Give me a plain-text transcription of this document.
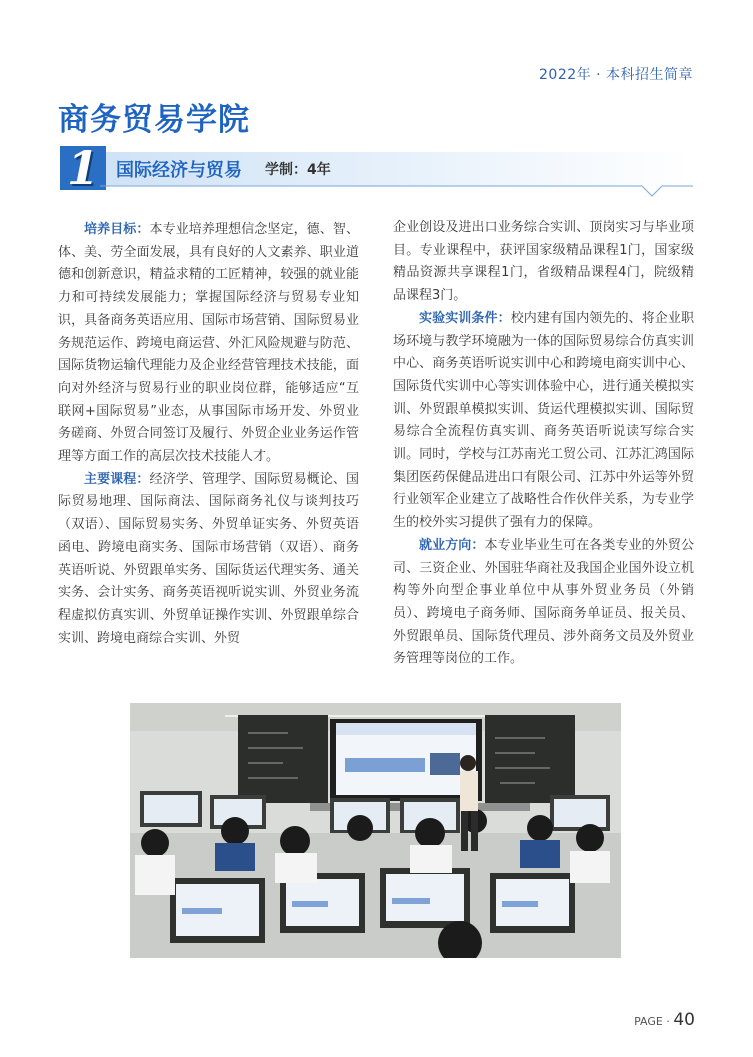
2022年 · 本科招生简章
商务贸易学院
1 国际经济与贸易 学制：4年

培养目标：本专业培养理想信念坚定，德、智、体、美、劳全面发展，具有良好的人文素养、职业道德和创新意识，精益求精的工匠精神，较强的就业能力和可持续发展能力；掌握国际经济与贸易专业知识，具备商务英语应用、国际市场营销、国际贸易业务规范运作、跨境电商运营、外汇风险规避与防范、国际货物运输代理能力及企业经营管理技术技能，面向对外经济与贸易行业的职业岗位群，能够适应“互联网+国际贸易”业态，从事国际市场开发、外贸业务磋商、外贸合同签订及履行、外贸企业业务运作管理等方面工作的高层次技术技能人才。

主要课程：经济学、管理学、国际贸易概论、国际贸易地理、国际商法、国际商务礼仪与谈判技巧（双语）、国际贸易实务、外贸单证实务、外贸英语函电、跨境电商实务、国际市场营销（双语）、商务英语听说、外贸跟单实务、国际货运代理实务、通关实务、会计实务、商务英语视听说实训、外贸业务流程虚拟仿真实训、外贸单证操作实训、外贸跟单综合实训、跨境电商综合实训、外贸

企业创设及进出口业务综合实训、顶岗实习与毕业项目。专业课程中，获评国家级精品课程1门，国家级精品资源共享课程1门，省级精品课程4门，院级精品课程3门。

实验实训条件：校内建有国内领先的、将企业职场环境与教学环境融为一体的国际贸易综合仿真实训中心、商务英语听说实训中心和跨境电商实训中心、国际货代实训中心等实训体验中心，进行通关模拟实训、外贸跟单模拟实训、货运代理模拟实训、国际贸易综合全流程仿真实训、商务英语听说读写综合实训。同时，学校与江苏南光工贸公司、江苏汇鸿国际集团医药保健品进出口有限公司、江苏中外运等外贸行业领军企业建立了战略性合作伙伴关系，为专业学生的校外实习提供了强有力的保障。

就业方向：本专业毕业生可在各类专业的外贸公司、三资企业、外国驻华商社及我国企业国外设立机构等外向型企事业单位中从事外贸业务员（外销员）、跨境电子商务师、国际商务单证员、报关员、外贸跟单员、国际货代理员、涉外商务文员及外贸业务管理等岗位的工作。

PAGE · 40
